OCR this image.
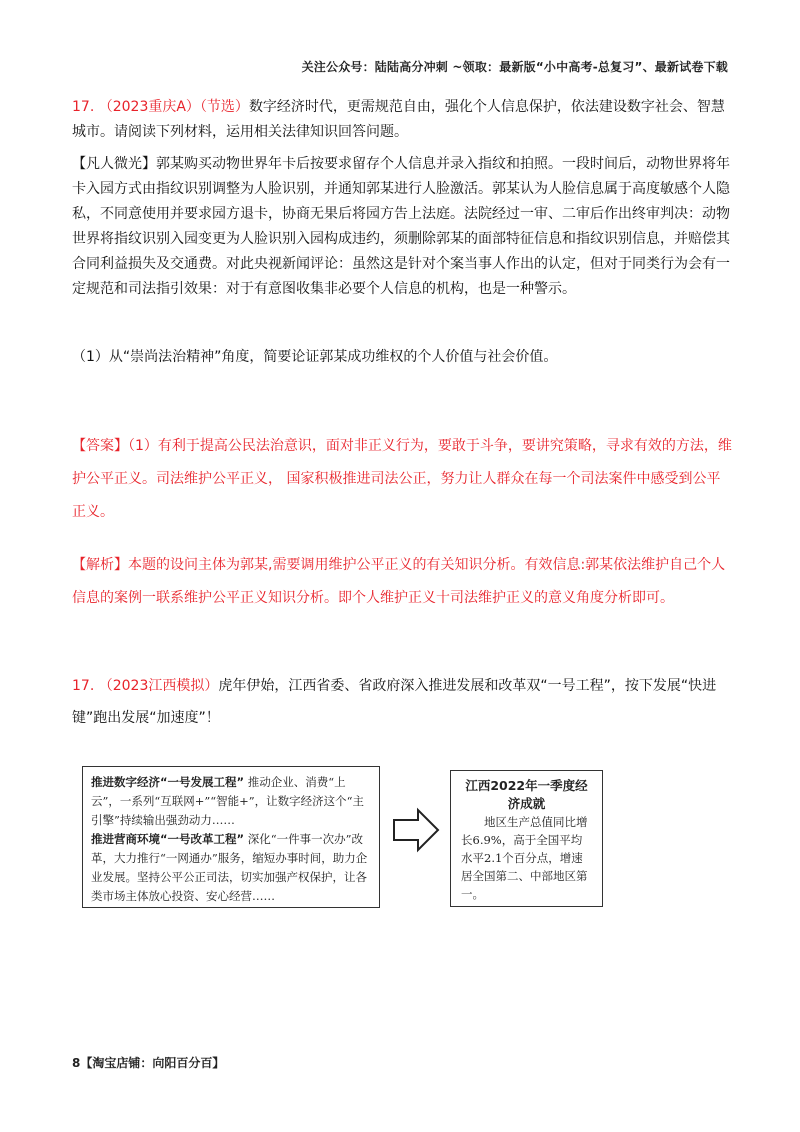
关注公众号：陆陆高分冲刺 ~领取：最新版“小中高考-总复习”、最新试卷下载
17. （2023重庆A）（节选）数字经济时代，更需规范自由，强化个人信息保护，依法建设数字社会、智慧城市。请阅读下列材料，运用相关法律知识回答问题。
【凡人微光】郭某购买动物世界年卡后按要求留存个人信息并录入指纹和拍照。一段时间后，动物世界将年卡入园方式由指纹识别调整为人脸识别，并通知郭某进行人脸激活。郭某认为人脸信息属于高度敏感个人隐私，不同意使用并要求园方退卡，协商无果后将园方告上法庭。法院经过一审、二审后作出终审判决：动物世界将指纹识别入园变更为人脸识别入园构成违约，须删除郭某的面部特征信息和指纹识别信息，并赔偿其合同利益损失及交通费。对此央视新闻评论：虽然这是针对个案当事人作出的认定，但对于同类行为会有一定规范和司法指引效果：对于有意图收集非必要个人信息的机构，也是一种警示。
（1）从“崇尚法治精神”角度，简要论证郭某成功维权的个人价值与社会价值。
【答案】（1）有利于提高公民法治意识，面对非正义行为，要敢于斗争，要讲究策略，寻求有效的方法，维护公平正义。司法维护公平正义， 国家积极推进司法公正，努力让人群众在每一个司法案件中感受到公平正义。
【解析】本题的设问主体为郭某,需要调用维护公平正义的有关知识分析。有效信息:郭某依法维护自己个人信息的案例一联系维护公平正义知识分析。即个人维护正义十司法维护正义的意义角度分析即可。
17. （2023江西模拟）虎年伊始，江西省委、省政府深入推进发展和改革双“一号工程”，按下发展“快进键”跑出发展“加速度”！
推进数字经济“一号发展工程” 推动企业、消费“上云”，一系列“互联网+”“智能+”，让数字经济这个“主引擎”持续输出强劲动力……
推进营商环境“一号改革工程” 深化“一件事一次办”改革，大力推行“一网通办”服务，缩短办事时间，助力企业发展。坚持公平公正司法，切实加强产权保护，让各类市场主体放心投资、安心经营……
江西2022年一季度经济成就
地区生产总值同比增长6.9%，高于全国平均水平2.1个百分点，增速居全国第二、中部地区第一。
8【淘宝店铺：向阳百分百】
